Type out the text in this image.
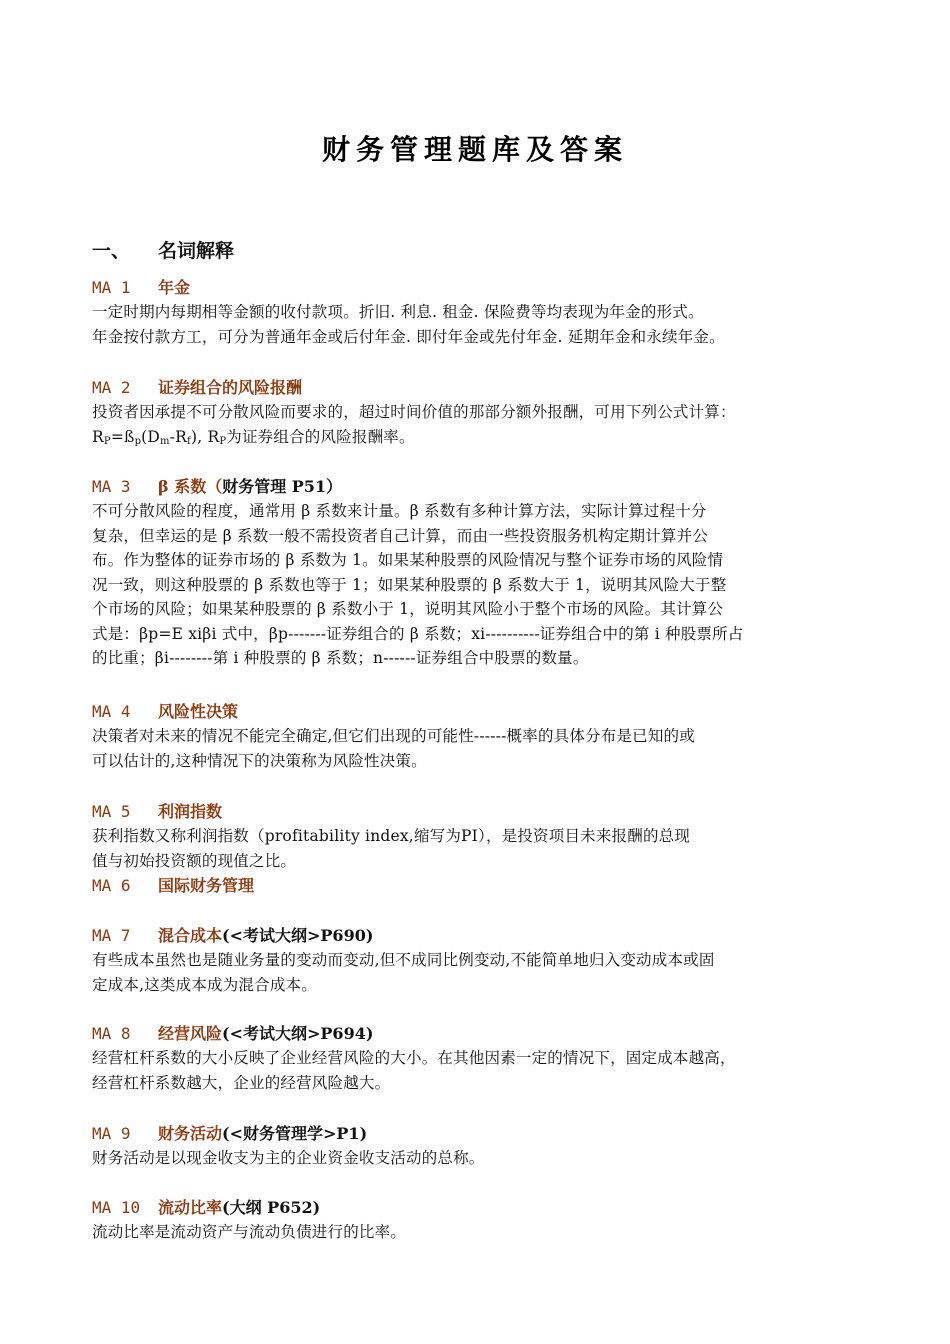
财务管理题库及答案
一、 名词解释
MA 1 年金
一定时期内每期相等金额的收付款项。折旧. 利息. 租金. 保险费等均表现为年金的形式。
年金按付款方工，可分为普通年金或后付年金. 即付年金或先付年金. 延期年金和永续年金。
MA 2 证券组合的风险报酬
投资者因承提不可分散风险而要求的，超过时间价值的那部分额外报酬，可用下列公式计算：
$R_P=ß_p(D_m-R_f)$, $R_P$为证券组合的风险报酬率。
MA 3 β 系数（财务管理 P51）
不可分散风险的程度，通常用 β 系数来计量。β 系数有多种计算方法，实际计算过程十分
复杂，但幸运的是 β 系数一般不需投资者自己计算，而由一些投资服务机构定期计算并公
布。作为整体的证券市场的 β 系数为 1。如果某种股票的风险情况与整个证券市场的风险情
况一致，则这种股票的 β 系数也等于 1；如果某种股票的 β 系数大于 1，说明其风险大于整
个市场的风险；如果某种股票的 β 系数小于 1，说明其风险小于整个市场的风险。其计算公
式是：βp=E xiβi 式中，βp-------证券组合的 β 系数；xi----------证券组合中的第 i 种股票所占
的比重；βi--------第 i 种股票的 β 系数；n------证券组合中股票的数量。
MA 4 风险性决策
决策者对未来的情况不能完全确定,但它们出现的可能性------概率的具体分布是已知的或
可以估计的,这种情况下的决策称为风险性决策。
MA 5 利润指数
获利指数又称利润指数（profitability index,缩写为PI），是投资项目未来报酬的总现
值与初始投资额的现值之比。
MA 6 国际财务管理
MA 7 混合成本(<考试大纲>P690)
有些成本虽然也是随业务量的变动而变动,但不成同比例变动,不能简单地归入变动成本或固
定成本,这类成本成为混合成本。
MA 8 经营风险(<考试大纲>P694)
经营杠杆系数的大小反映了企业经营风险的大小。在其他因素一定的情况下，固定成本越高，
经营杠杆系数越大，企业的经营风险越大。
MA 9 财务活动(<财务管理学>P1)
财务活动是以现金收支为主的企业资金收支活动的总称。
MA 10 流动比率(大纲 P652)
流动比率是流动资产与流动负债进行的比率。
